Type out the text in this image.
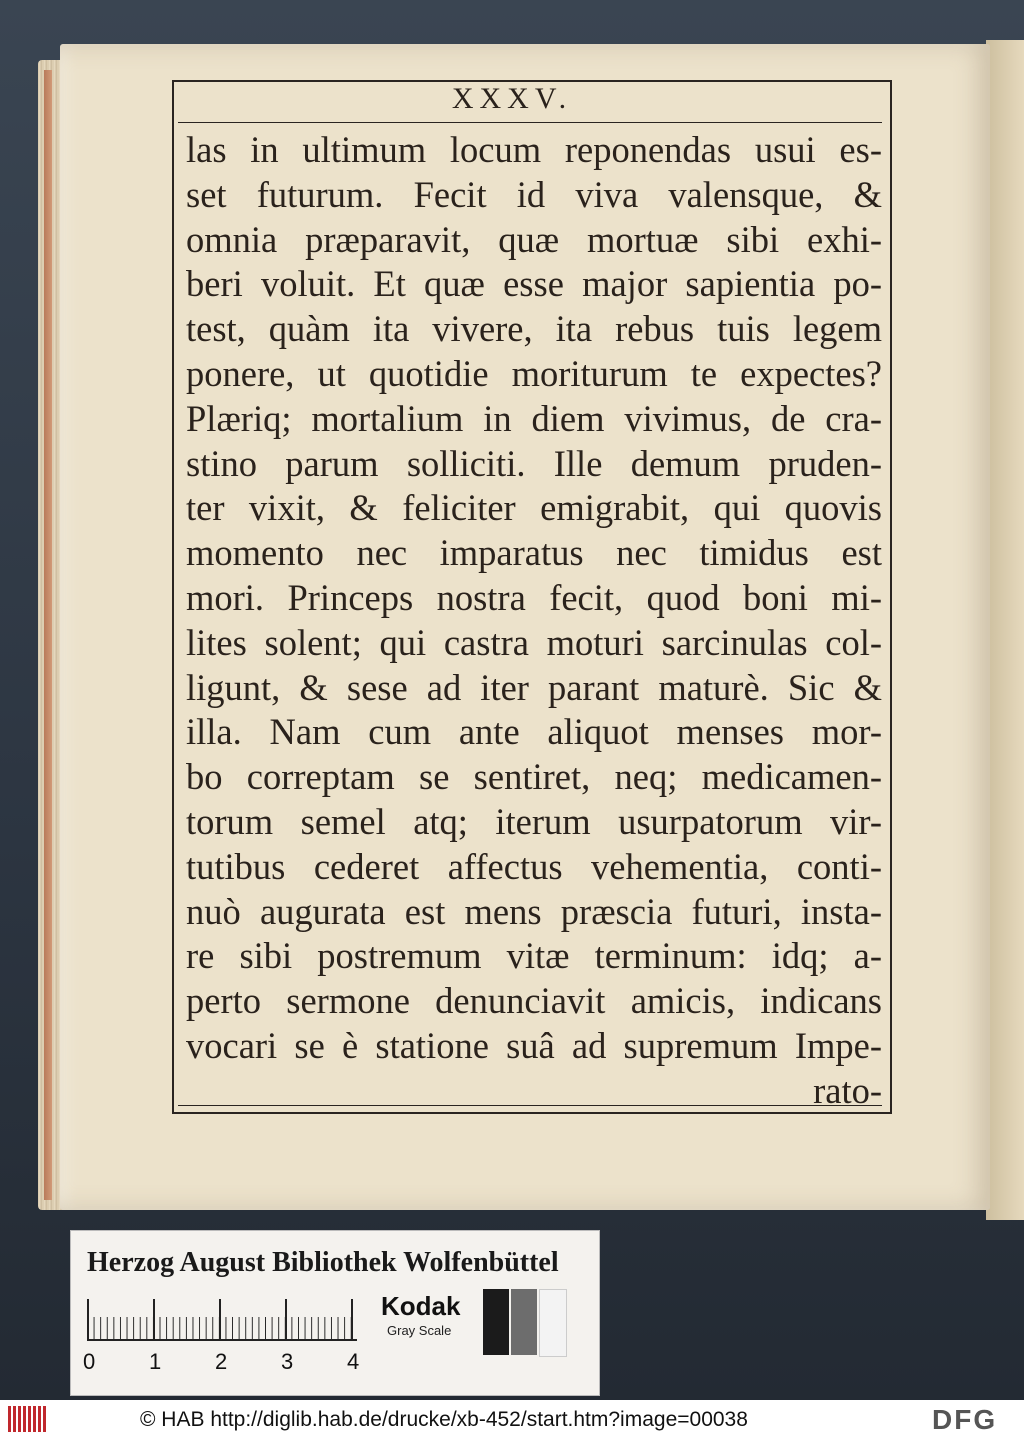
XXXV.
las in ultimum locum reponendas usui es-
set futurum. Fecit id viva valensque, &
omnia præparavit, quæ mortuæ sibi exhi-
beri voluit. Et quæ esse major sapientia po-
test, quàm ita vivere, ita rebus tuis legem
ponere, ut quotidie moriturum te expectes?
Plæriq; mortalium in diem vivimus, de cra-
stino parum solliciti. Ille demum pruden-
ter vixit, & feliciter emigrabit, qui quovis
momento nec imparatus nec timidus est
mori. Princeps nostra fecit, quod boni mi-
lites solent; qui castra moturi sarcinulas col-
ligunt, & sese ad iter parant maturè. Sic &
illa. Nam cum ante aliquot menses mor-
bo correptam se sentiret, neq; medicamen-
torum semel atq; iterum usurpatorum vir-
tutibus cederet affectus vehementia, conti-
nuò augurata est mens præscia futuri, insta-
re sibi postremum vitæ terminum: idq; a-
perto sermone denunciavit amicis, indicans
vocari se è statione suâ ad supremum Impe-
rato-
Herzog August Bibliothek Wolfenbüttel
0 1 2 3 4
Kodak
Gray Scale
© HAB http://diglib.hab.de/drucke/xb-452/start.htm?image=00038	DFG
